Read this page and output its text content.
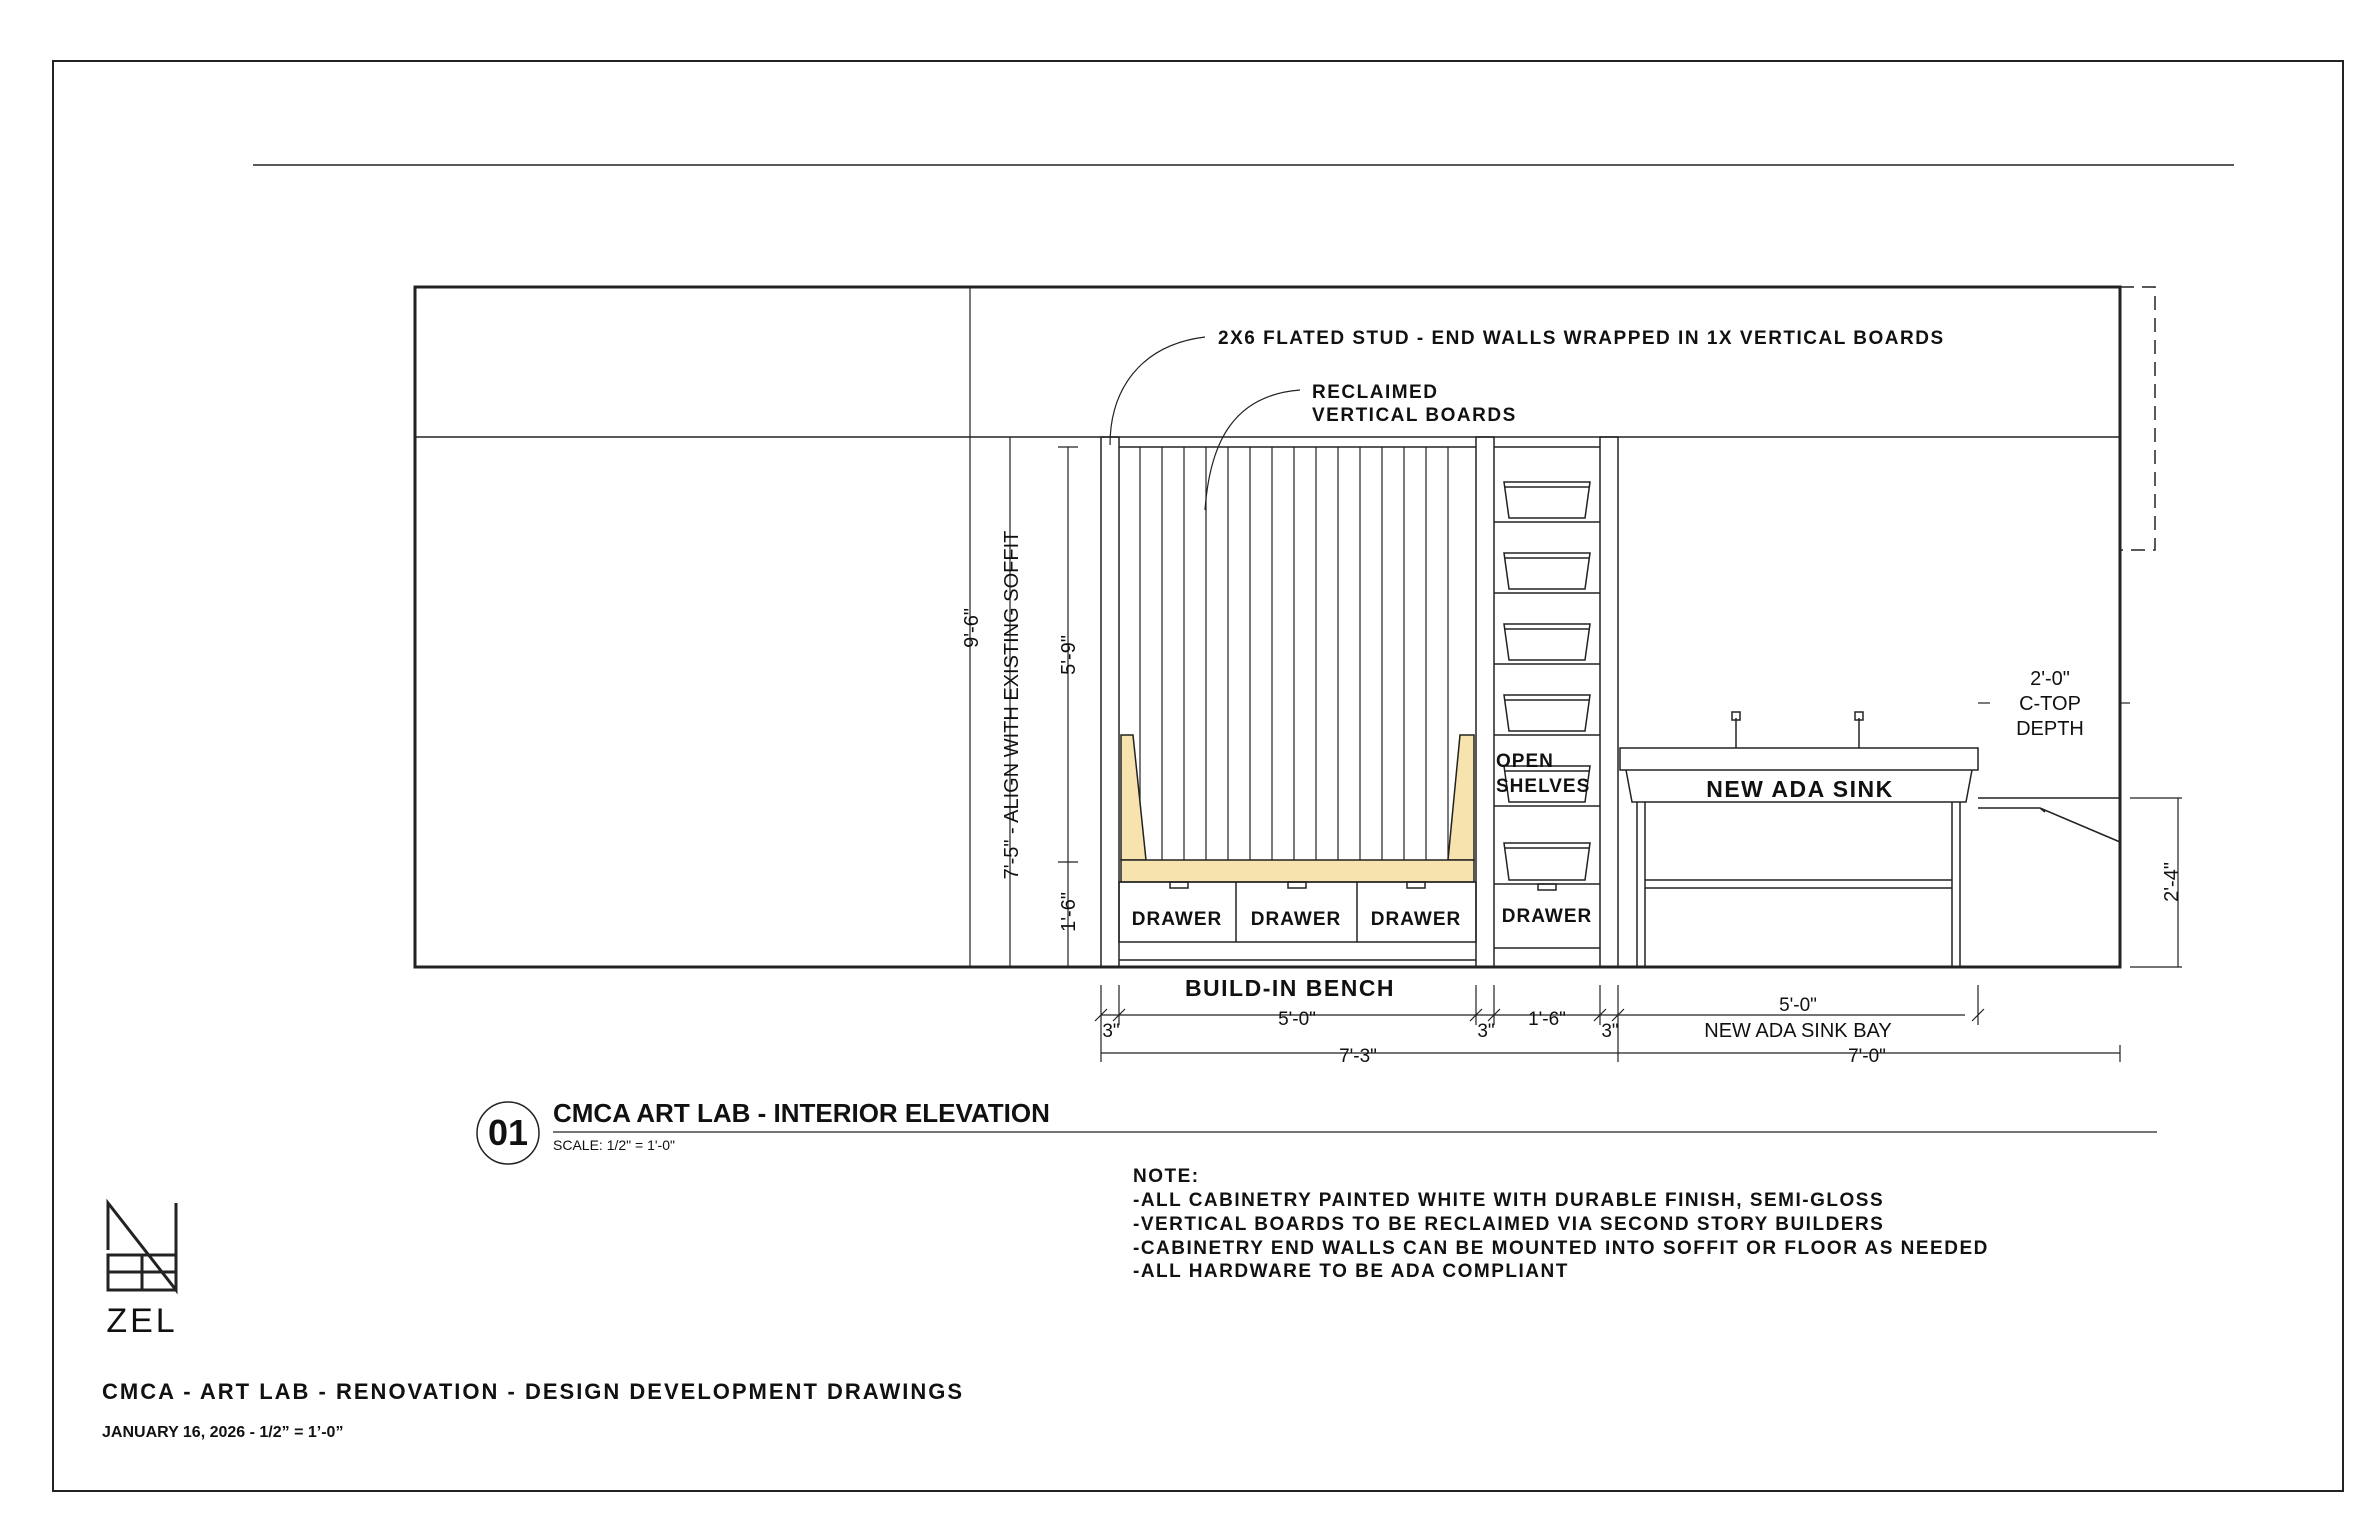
2X6 FLATED STUD - END WALLS WRAPPED IN 1X VERTICAL BOARDS
RECLAIMED
VERTICAL BOARDS
DRAWER DRAWER DRAWER DRAWER
OPEN
SHELVES	NEW ADA SINK
BUILD-IN BENCH
2'-0"
C-TOP
DEPTH
9'-6" 7'-5" - ALIGN WITH EXISTING SOFFIT 5'-9"
1'-6"
2'-4"
3"
5'-0"
3"
1'-6"
3"
5'-0"
NEW ADA SINK BAY
7'-3"	7'-0"
01 CMCA ART LAB - INTERIOR ELEVATION
SCALE: 1/2" = 1'-0"
NOTE:
-ALL CABINETRY PAINTED WHITE WITH DURABLE FINISH, SEMI-GLOSS
-VERTICAL BOARDS TO BE RECLAIMED VIA SECOND STORY BUILDERS
-CABINETRY END WALLS CAN BE MOUNTED INTO SOFFIT OR FLOOR AS NEEDED
-ALL HARDWARE TO BE ADA COMPLIANT
ZEL
CMCA - ART LAB - RENOVATION - DESIGN DEVELOPMENT DRAWINGS
JANUARY 16, 2026 - 1/2” = 1’-0”
